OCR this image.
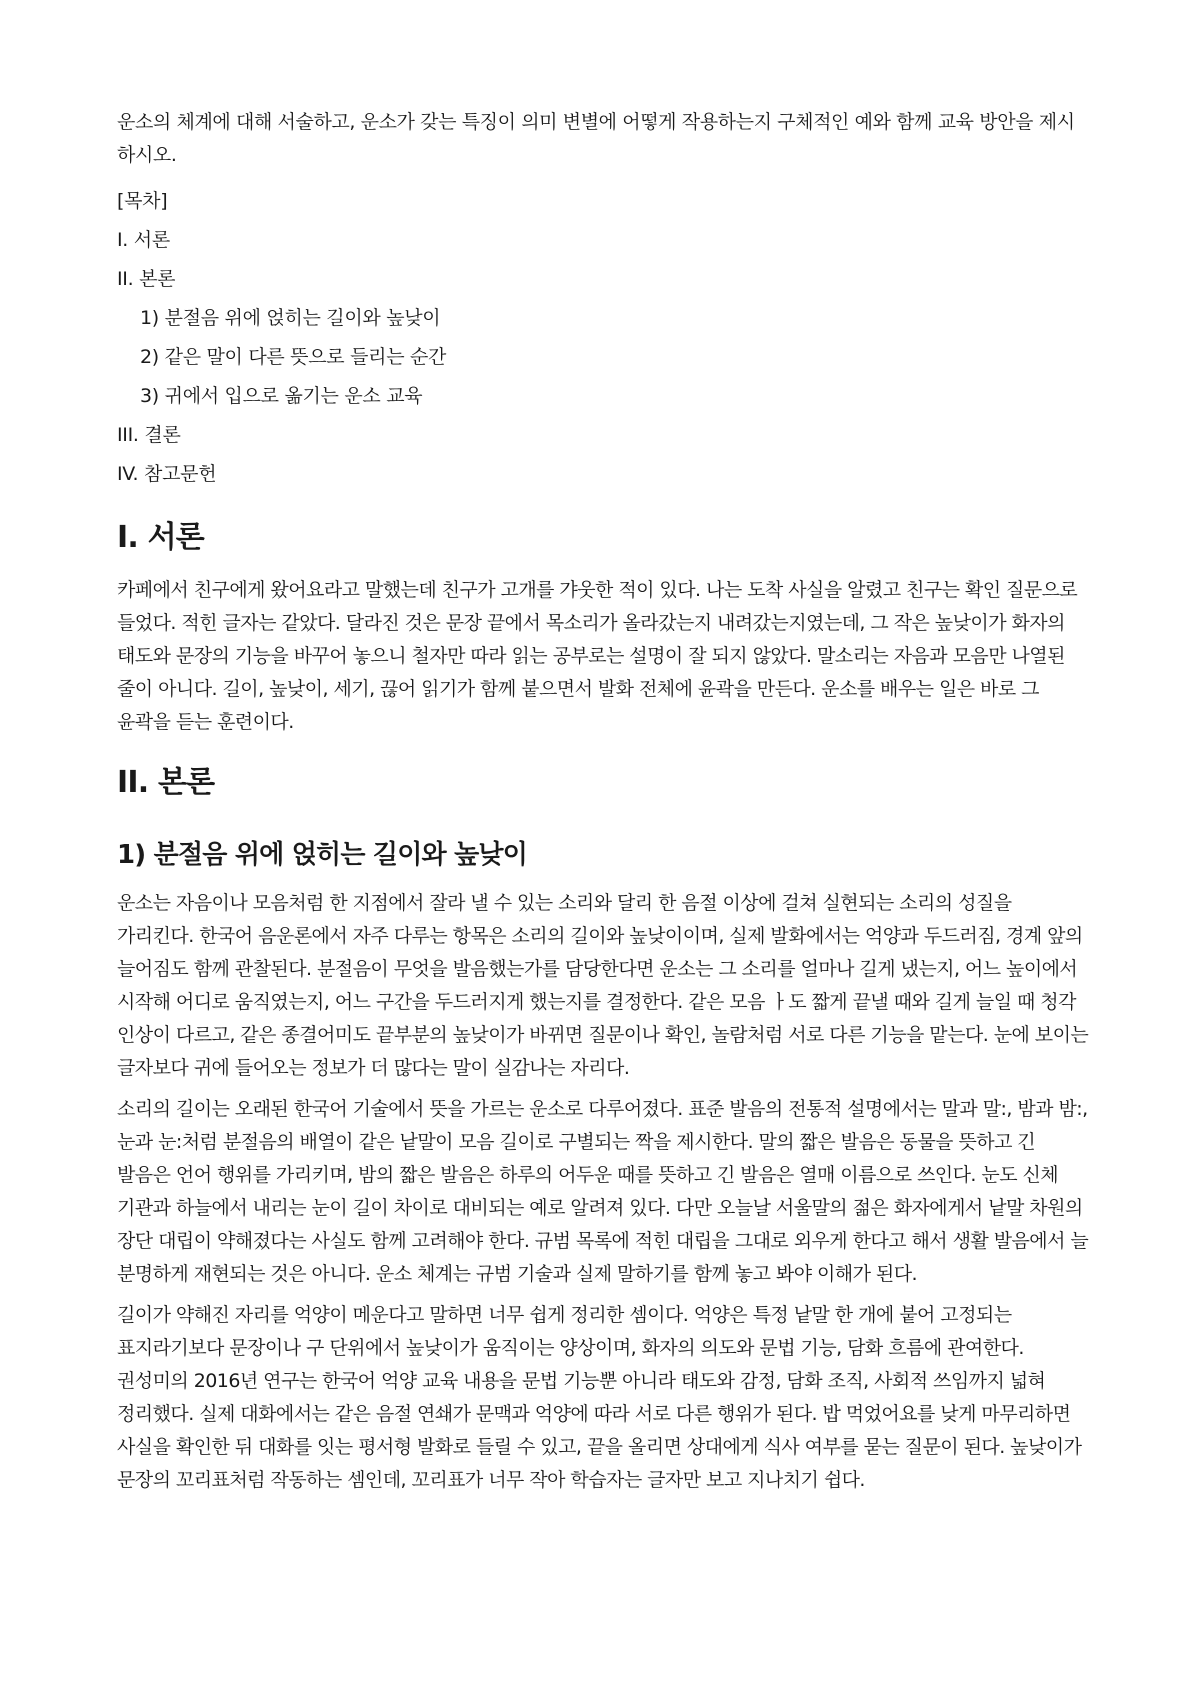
운소의 체계에 대해 서술하고, 운소가 갖는 특징이 의미 변별에 어떻게 작용하는지 구체적인 예와 함께 교육 방안을 제시하시오.

[목차]

I. 서론

II. 본론

1) 분절음 위에 얹히는 길이와 높낮이

2) 같은 말이 다른 뜻으로 들리는 순간

3) 귀에서 입으로 옮기는 운소 교육

III. 결론

IV. 참고문헌

I. 서론

카페에서 친구에게 왔어요라고 말했는데 친구가 고개를 갸웃한 적이 있다. 나는 도착 사실을 알렸고 친구는 확인 질문으로 들었다. 적힌 글자는 같았다. 달라진 것은 문장 끝에서 목소리가 올라갔는지 내려갔는지였는데, 그 작은 높낮이가 화자의 태도와 문장의 기능을 바꾸어 놓으니 철자만 따라 읽는 공부로는 설명이 잘 되지 않았다. 말소리는 자음과 모음만 나열된 줄이 아니다. 길이, 높낮이, 세기, 끊어 읽기가 함께 붙으면서 발화 전체에 윤곽을 만든다. 운소를 배우는 일은 바로 그 윤곽을 듣는 훈련이다.

II. 본론
1) 분절음 위에 얹히는 길이와 높낮이

운소는 자음이나 모음처럼 한 지점에서 잘라 낼 수 있는 소리와 달리 한 음절 이상에 걸쳐 실현되는 소리의 성질을 가리킨다. 한국어 음운론에서 자주 다루는 항목은 소리의 길이와 높낮이이며, 실제 발화에서는 억양과 두드러짐, 경계 앞의 늘어짐도 함께 관찰된다. 분절음이 무엇을 발음했는가를 담당한다면 운소는 그 소리를 얼마나 길게 냈는지, 어느 높이에서 시작해 어디로 움직였는지, 어느 구간을 두드러지게 했는지를 결정한다. 같은 모음 ㅏ도 짧게 끝낼 때와 길게 늘일 때 청각 인상이 다르고, 같은 종결어미도 끝부분의 높낮이가 바뀌면 질문이나 확인, 놀람처럼 서로 다른 기능을 맡는다. 눈에 보이는 글자보다 귀에 들어오는 정보가 더 많다는 말이 실감나는 자리다.

소리의 길이는 오래된 한국어 기술에서 뜻을 가르는 운소로 다루어졌다. 표준 발음의 전통적 설명에서는 말과 말:, 밤과 밤:, 눈과 눈:처럼 분절음의 배열이 같은 낱말이 모음 길이로 구별되는 짝을 제시한다. 말의 짧은 발음은 동물을 뜻하고 긴 발음은 언어 행위를 가리키며, 밤의 짧은 발음은 하루의 어두운 때를 뜻하고 긴 발음은 열매 이름으로 쓰인다. 눈도 신체 기관과 하늘에서 내리는 눈이 길이 차이로 대비되는 예로 알려져 있다. 다만 오늘날 서울말의 젊은 화자에게서 낱말 차원의 장단 대립이 약해졌다는 사실도 함께 고려해야 한다. 규범 목록에 적힌 대립을 그대로 외우게 한다고 해서 생활 발음에서 늘 분명하게 재현되는 것은 아니다. 운소 체계는 규범 기술과 실제 말하기를 함께 놓고 봐야 이해가 된다.

길이가 약해진 자리를 억양이 메운다고 말하면 너무 쉽게 정리한 셈이다. 억양은 특정 낱말 한 개에 붙어 고정되는 표지라기보다 문장이나 구 단위에서 높낮이가 움직이는 양상이며, 화자의 의도와 문법 기능, 담화 흐름에 관여한다. 권성미의 2016년 연구는 한국어 억양 교육 내용을 문법 기능뿐 아니라 태도와 감정, 담화 조직, 사회적 쓰임까지 넓혀 정리했다. 실제 대화에서는 같은 음절 연쇄가 문맥과 억양에 따라 서로 다른 행위가 된다. 밥 먹었어요를 낮게 마무리하면 사실을 확인한 뒤 대화를 잇는 평서형 발화로 들릴 수 있고, 끝을 올리면 상대에게 식사 여부를 묻는 질문이 된다. 높낮이가 문장의 꼬리표처럼 작동하는 셈인데, 꼬리표가 너무 작아 학습자는 글자만 보고 지나치기 쉽다.
